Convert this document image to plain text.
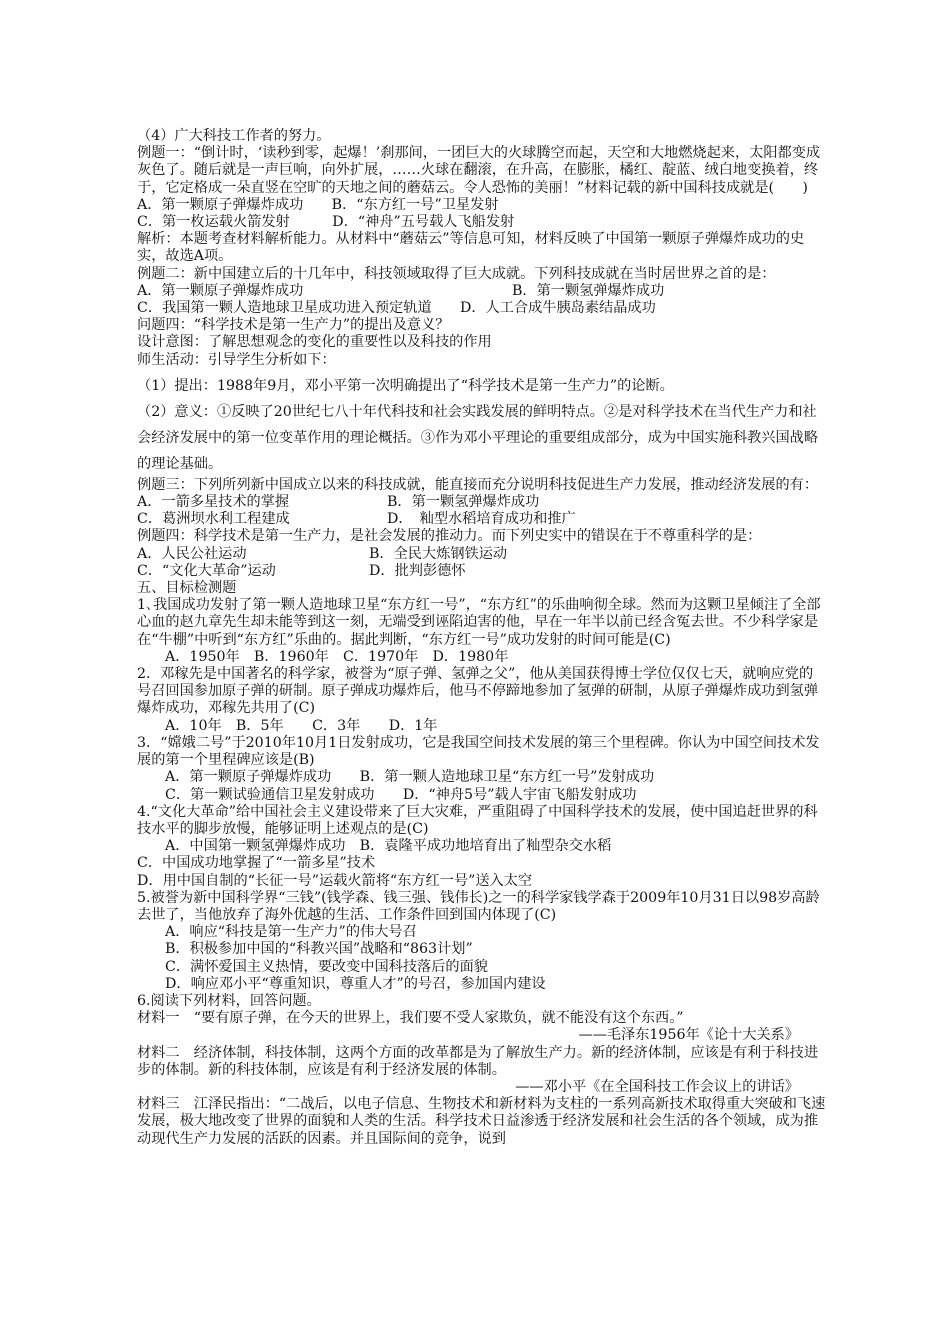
（4）广大科技工作者的努力。

例题一：“倒计时，‘读秒到零，起爆！’刹那间，一团巨大的火球腾空而起，天空和大地燃烧起来，太阳都变成灰色了。随后就是一声巨响，向外扩展，……火球在翻滚，在升高，在膨胀，橘红、靛蓝、绒白地变换着，终于，它定格成一朵直竖在空旷的天地之间的蘑菇云。令人恐怖的美丽！”材料记载的新中国科技成就是(　　)

A．第一颗原子弹爆炸成功　　B．“东方红一号”卫星发射

C．第一枚运载火箭发射　　　D．“神舟”五号载人飞船发射

解析：本题考查材料解析能力。从材料中“蘑菇云”等信息可知，材料反映了中国第一颗原子弹爆炸成功的史实，故选A项。

例题二：新中国建立后的十几年中，科技领域取得了巨大成就。下列科技成就在当时居世界之首的是：

A．第一颗原子弹爆炸成功	B．第一颗氢弹爆炸成功

C．我国第一颗人造地球卫星成功进入预定轨道　　D．人工合成牛胰岛素结晶成功

问题四：“科学技术是第一生产力”的提出及意义？

设计意图：了解思想观念的变化的重要性以及科技的作用

师生活动：引导学生分析如下：

（1）提出：1988年9月，邓小平第一次明确提出了“科学技术是第一生产力”的论断。

（2）意义：①反映了20世纪七八十年代科技和社会实践发展的鲜明特点。②是对科学技术在当代生产力和社会经济发展中的第一位变革作用的理论概括。③作为邓小平理论的重要组成部分，成为中国实施科教兴国战略的理论基础。

例题三：下列所列新中国成立以来的科技成就，能直接而充分说明科技促进生产力发展，推动经济发展的有：

A．一箭多星技术的掌握	B．第一颗氢弹爆炸成功
C．葛洲坝水利工程建成	D．　籼型水稻培育成功和推广

例题四：科学技术是第一生产力，是社会发展的推动力。而下列史实中的错误在于不尊重科学的是：

A．人民公社运动	B．全民大炼钢铁运动
C．“文化大革命”运动	D．批判彭德怀

五、目标检测题

1､我国成功发射了第一颗人造地球卫星“东方红一号”，“东方红”的乐曲响彻全球。然而为这颗卫星倾注了全部心血的赵九章先生却未能等到这一刻，无端受到诬陷迫害的他，早在一年半以前已经含冤去世。不少科学家是在“牛棚”中听到“东方红”乐曲的。据此判断，“东方红一号”成功发射的时间可能是(C)

A．1950年　B．1960年　C．1970年　D．1980年

2．邓稼先是中国著名的科学家，被誉为“原子弹、氢弹之父”，他从美国获得博士学位仅仅七天，就响应党的号召回国参加原子弹的研制。原子弹成功爆炸后，他马不停蹄地参加了氢弹的研制，从原子弹爆炸成功到氢弹爆炸成功，邓稼先共用了(C)

A．10年　B．5年　　C．3年　　D．1年

3．“嫦娥二号”于2010年10月1日发射成功，它是我国空间技术发展的第三个里程碑。你认为中国空间技术发展的第一个里程碑应该是(B)

A．第一颗原子弹爆炸成功　　B．第一颗人造地球卫星“东方红一号”发射成功

C．第一颗试验通信卫星发射成功　　D．“神舟5号”载人宇宙飞船发射成功

4.“文化大革命”给中国社会主义建设带来了巨大灾难，严重阻碍了中国科学技术的发展，使中国追赶世界的科技水平的脚步放慢，能够证明上述观点的是(C)

A．中国第一颗氢弹爆炸成功　B．袁隆平成功地培育出了籼型杂交水稻

C．中国成功地掌握了“一箭多星”技术

D．用中国自制的“长征一号”运载火箭将“东方红一号”送入太空

5.被誉为新中国科学界“三钱”(钱学森、钱三强、钱伟长)之一的科学家钱学森于2009年10月31日以98岁高龄去世了，当他放弃了海外优越的生活、工作条件回到国内体现了(C)

A．响应“科技是第一生产力”的伟大号召

B．积极参加中国的“科教兴国”战略和“863计划”

C．满怀爱国主义热情，要改变中国科技落后的面貌

D．响应邓小平“尊重知识，尊重人才”的号召，参加国内建设

6.阅读下列材料，回答问题。

材料一　“要有原子弹，在今天的世界上，我们要不受人家欺负，就不能没有这个东西。”

——毛泽东1956年《论十大关系》

材料二　经济体制，科技体制，这两个方面的改革都是为了解放生产力。新的经济体制，应该是有利于科技进步的体制。新的科技体制，应该是有利于经济发展的体制。

——邓小平《在全国科技工作会议上的讲话》

材料三　江泽民指出：“二战后，以电子信息、生物技术和新材料为支柱的一系列高新技术取得重大突破和飞速发展，极大地改变了世界的面貌和人类的生活。科学技术日益渗透于经济发展和社会生活的各个领域，成为推动现代生产力发展的活跃的因素。并且国际间的竞争，说到
